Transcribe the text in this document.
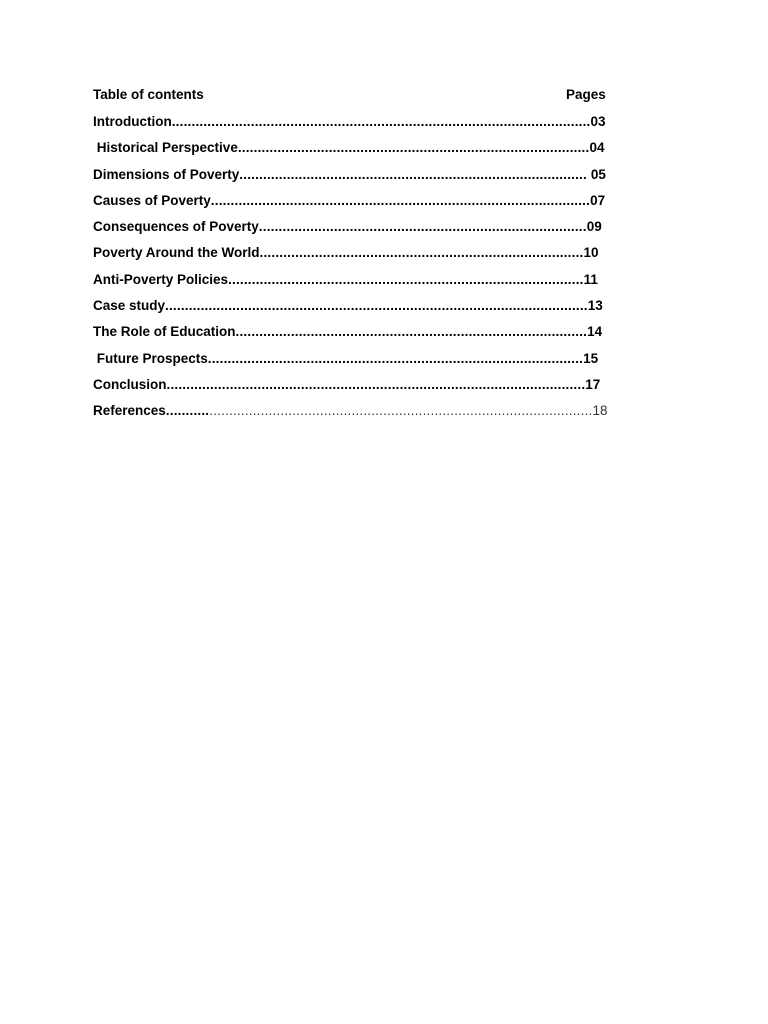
Table of contents	Pages
Introduction..........................................................................................................03
Historical Perspective.........................................................................................04
Dimensions of Poverty........................................................................................ 05
Causes of Poverty................................................................................................07
Consequences of Poverty...................................................................................09
Poverty Around the World..................................................................................10
Anti-Poverty Policies..........................................................................................11
Case study...........................................................................................................13
The Role of Education.........................................................................................14
Future Prospects...............................................................................................15
Conclusion..........................................................................................................17
References............................................................................................................18
